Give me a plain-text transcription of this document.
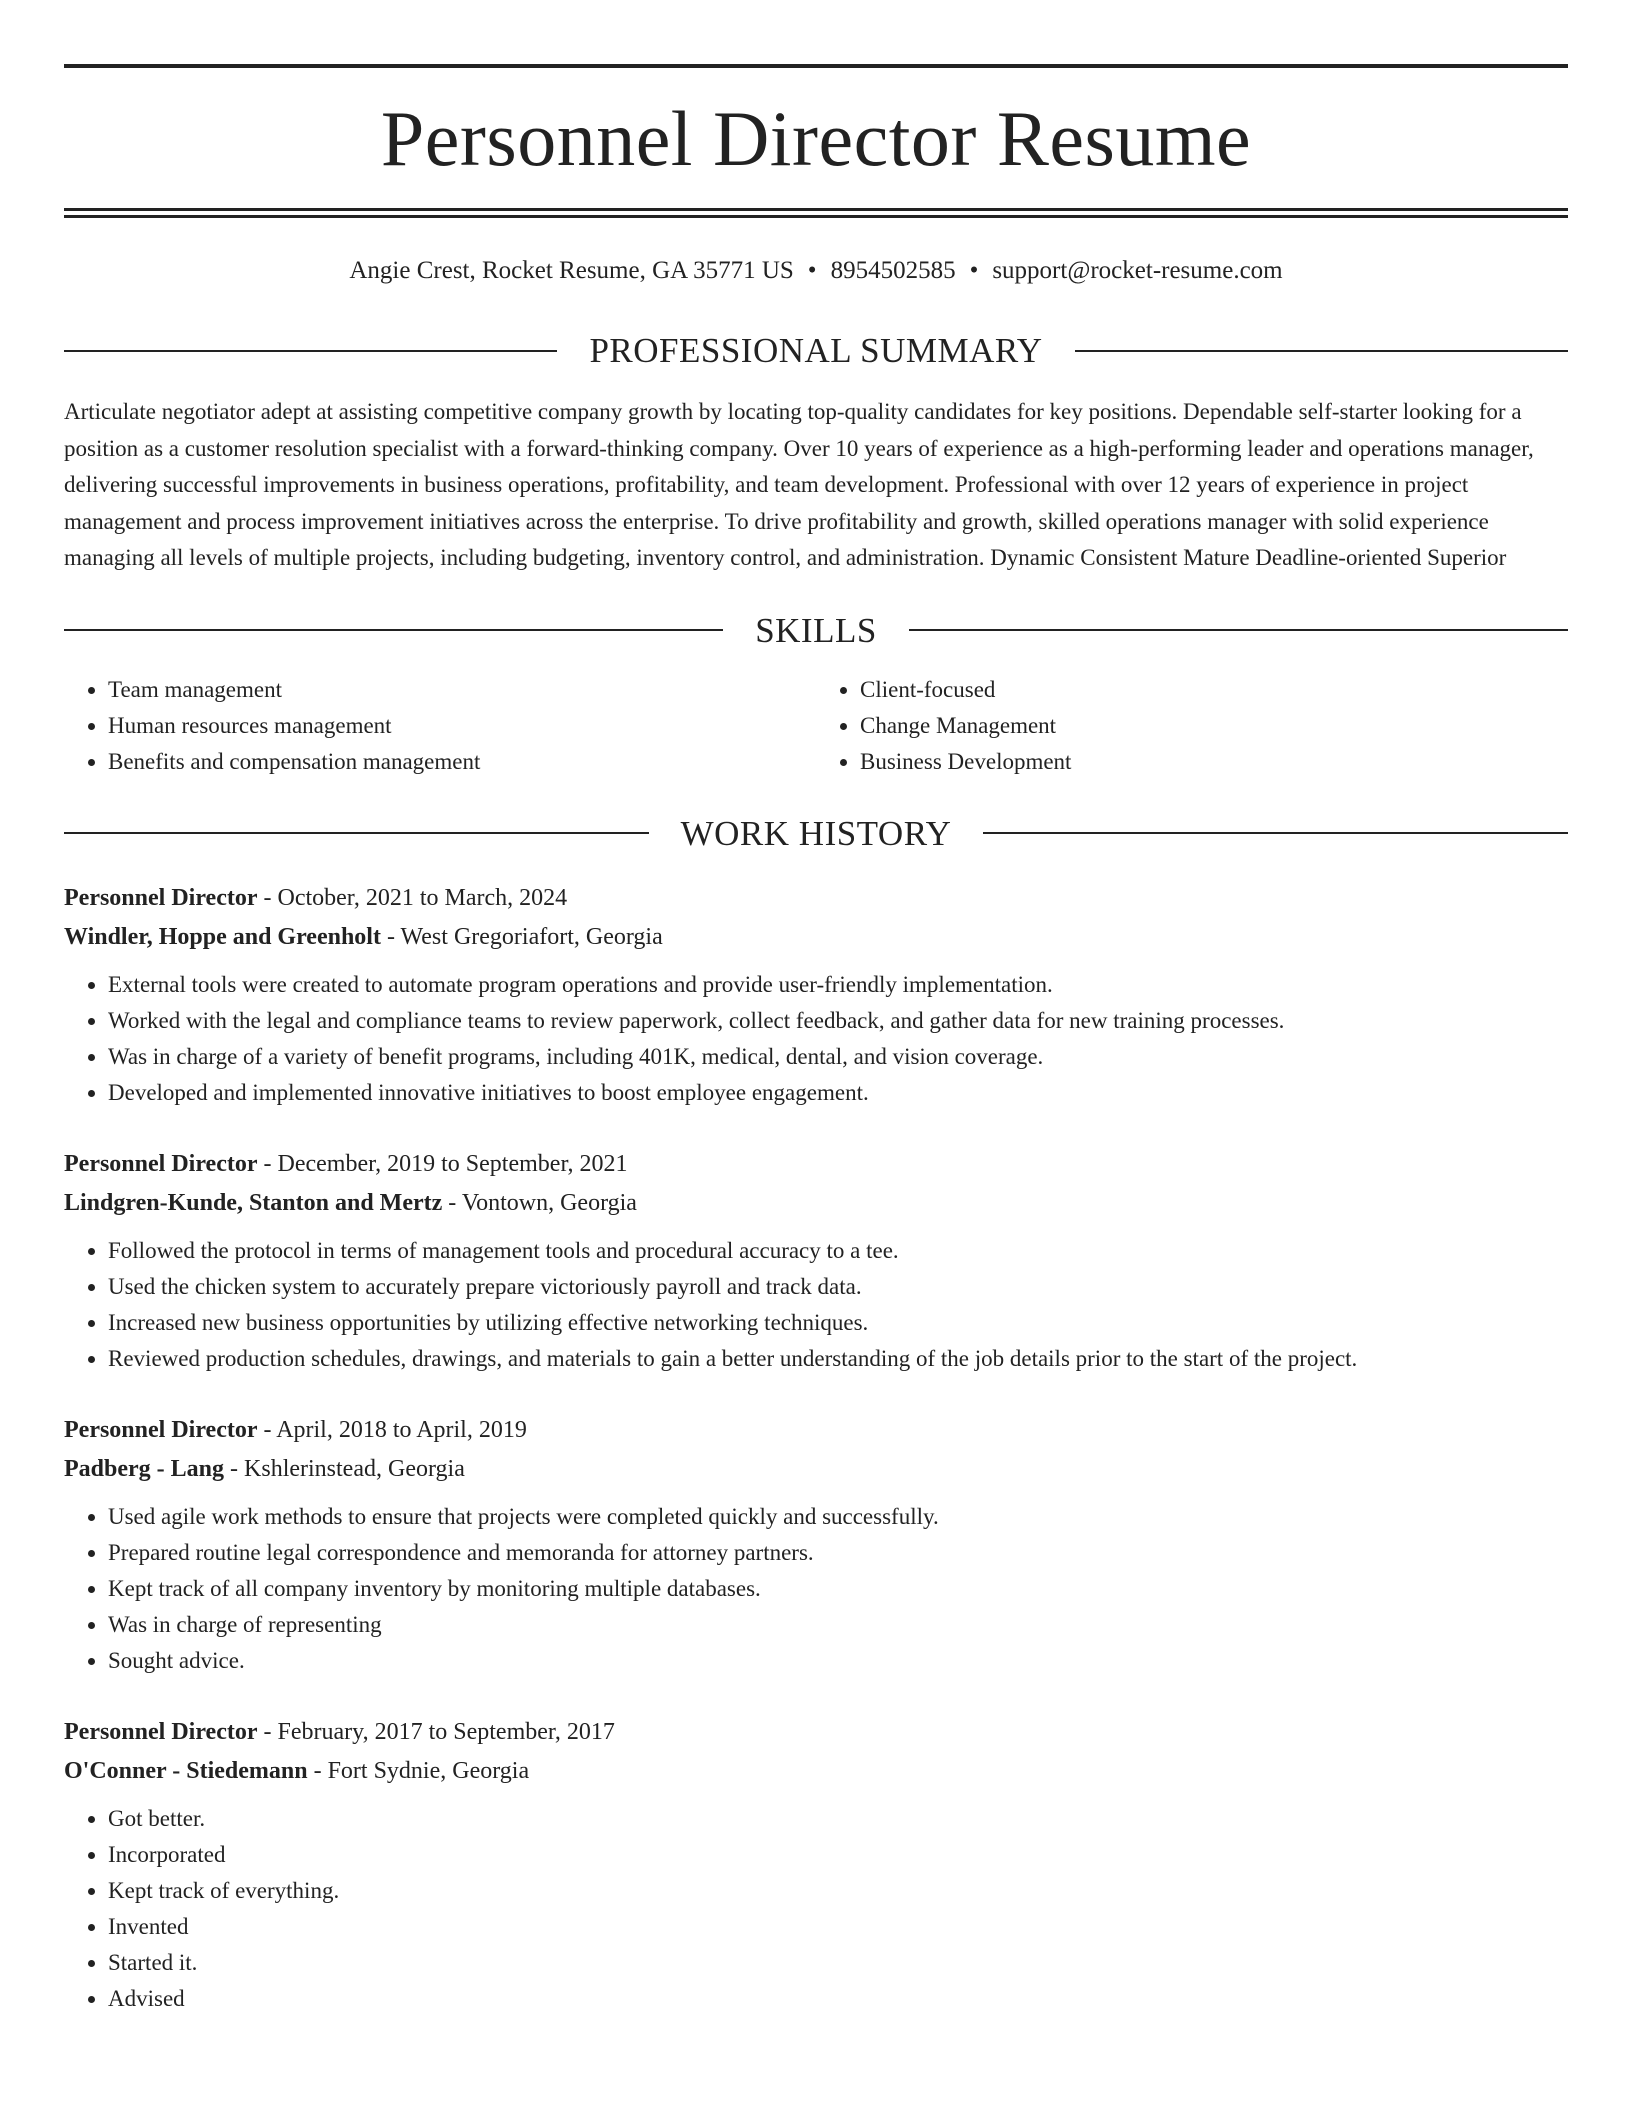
Personnel Director Resume
Angie Crest, Rocket Resume, GA 35771 US • 8954502585 • support@rocket-resume.com
PROFESSIONAL SUMMARY
Articulate negotiator adept at assisting competitive company growth by locating top-quality candidates for key positions. Dependable self-starter looking for a position as a customer resolution specialist with a forward-thinking company. Over 10 years of experience as a high-performing leader and operations manager, delivering successful improvements in business operations, profitability, and team development. Professional with over 12 years of experience in project management and process improvement initiatives across the enterprise. To drive profitability and growth, skilled operations manager with solid experience managing all levels of multiple projects, including budgeting, inventory control, and administration. Dynamic Consistent Mature Deadline-oriented Superior
SKILLS
• Team management
• Human resources management
• Benefits and compensation management
• Client-focused
• Change Management
• Business Development
WORK HISTORY
Personnel Director - October, 2021 to March, 2024
Windler, Hoppe and Greenholt - West Gregoriafort, Georgia
• External tools were created to automate program operations and provide user-friendly implementation.
• Worked with the legal and compliance teams to review paperwork, collect feedback, and gather data for new training processes.
• Was in charge of a variety of benefit programs, including 401K, medical, dental, and vision coverage.
• Developed and implemented innovative initiatives to boost employee engagement.
Personnel Director - December, 2019 to September, 2021
Lindgren-Kunde, Stanton and Mertz - Vontown, Georgia
• Followed the protocol in terms of management tools and procedural accuracy to a tee.
• Used the chicken system to accurately prepare victoriously payroll and track data.
• Increased new business opportunities by utilizing effective networking techniques.
• Reviewed production schedules, drawings, and materials to gain a better understanding of the job details prior to the start of the project.
Personnel Director - April, 2018 to April, 2019
Padberg - Lang - Kshlerinstead, Georgia
• Used agile work methods to ensure that projects were completed quickly and successfully.
• Prepared routine legal correspondence and memoranda for attorney partners.
• Kept track of all company inventory by monitoring multiple databases.
• Was in charge of representing
• Sought advice.
Personnel Director - February, 2017 to September, 2017
O'Conner - Stiedemann - Fort Sydnie, Georgia
• Got better.
• Incorporated
• Kept track of everything.
• Invented
• Started it.
• Advised
